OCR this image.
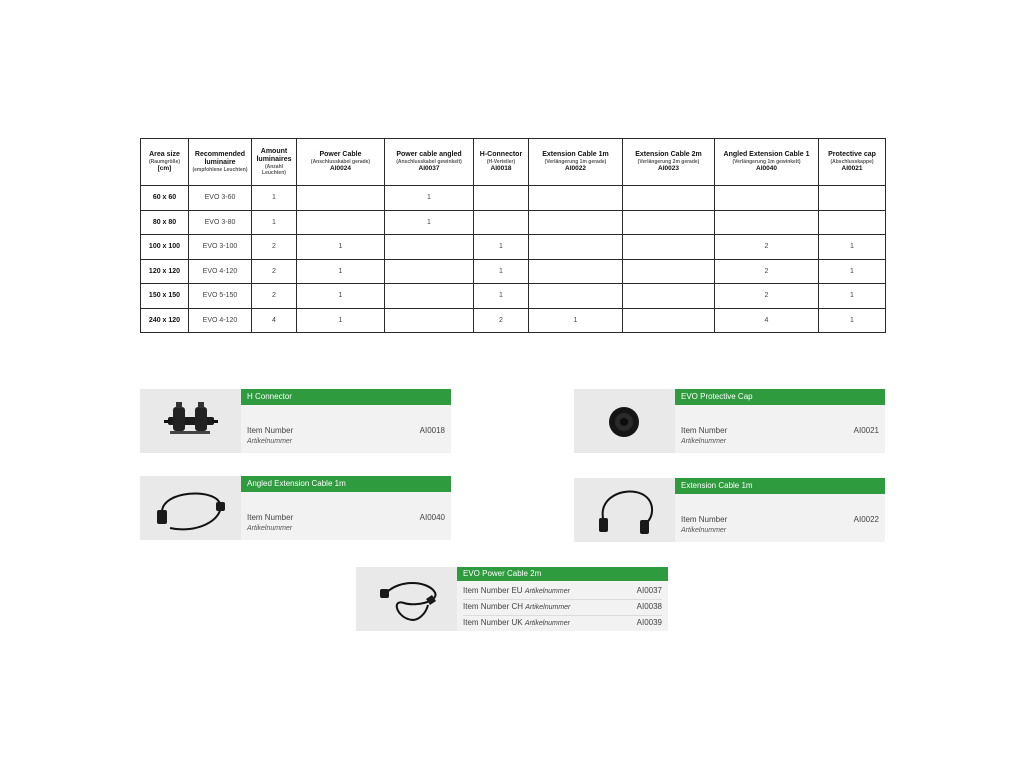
Area size
(Raumgröße)
[cm]	Recommended luminaire
(empfohlene Leuchten)	Amount luminaires
(Anzahl Leuchten)	Power Cable
(Anschlusskabel gerade)
AI0024	Power cable angled
(Anschlusskabel gewinkelt)
AI0037	H-Connector
(H-Verteiler)
AI0018	Extension Cable 1m
(Verlängerung 1m gerade)
AI0022	Extension Cable 2m
(Verlängerung 2m gerade)
AI0023	Angled Extension Cable 1
(Verlängerung 1m gewinkelt)
AI0040	Protective cap
(Abschlusskappe)
AI0021

60 x 60	EVO 3-60	1		1					
80 x 80	EVO 3-80	1		1					
100 x 100	EVO 3-100	2	1		1			2	1
120 x 120	EVO 4-120	2	1		1			2	1
150 x 150	EVO 5-150	2	1		1			2	1
240 x 120	EVO 4-120	4	1		2	1		4	1
H Connector
Item Number
Artikelnummer
AI0018
EVO Protective Cap
Item Number
Artikelnummer
AI0021
Angled Extension Cable 1m
Item Number
Artikelnummer
AI0040
Extension Cable 1m
Item Number
Artikelnummer
AI0022
EVO Power Cable 2m
Item Number EU Artikelnummer	AI0037
Item Number CH Artikelnummer	AI0038
Item Number UK Artikelnummer	AI0039
